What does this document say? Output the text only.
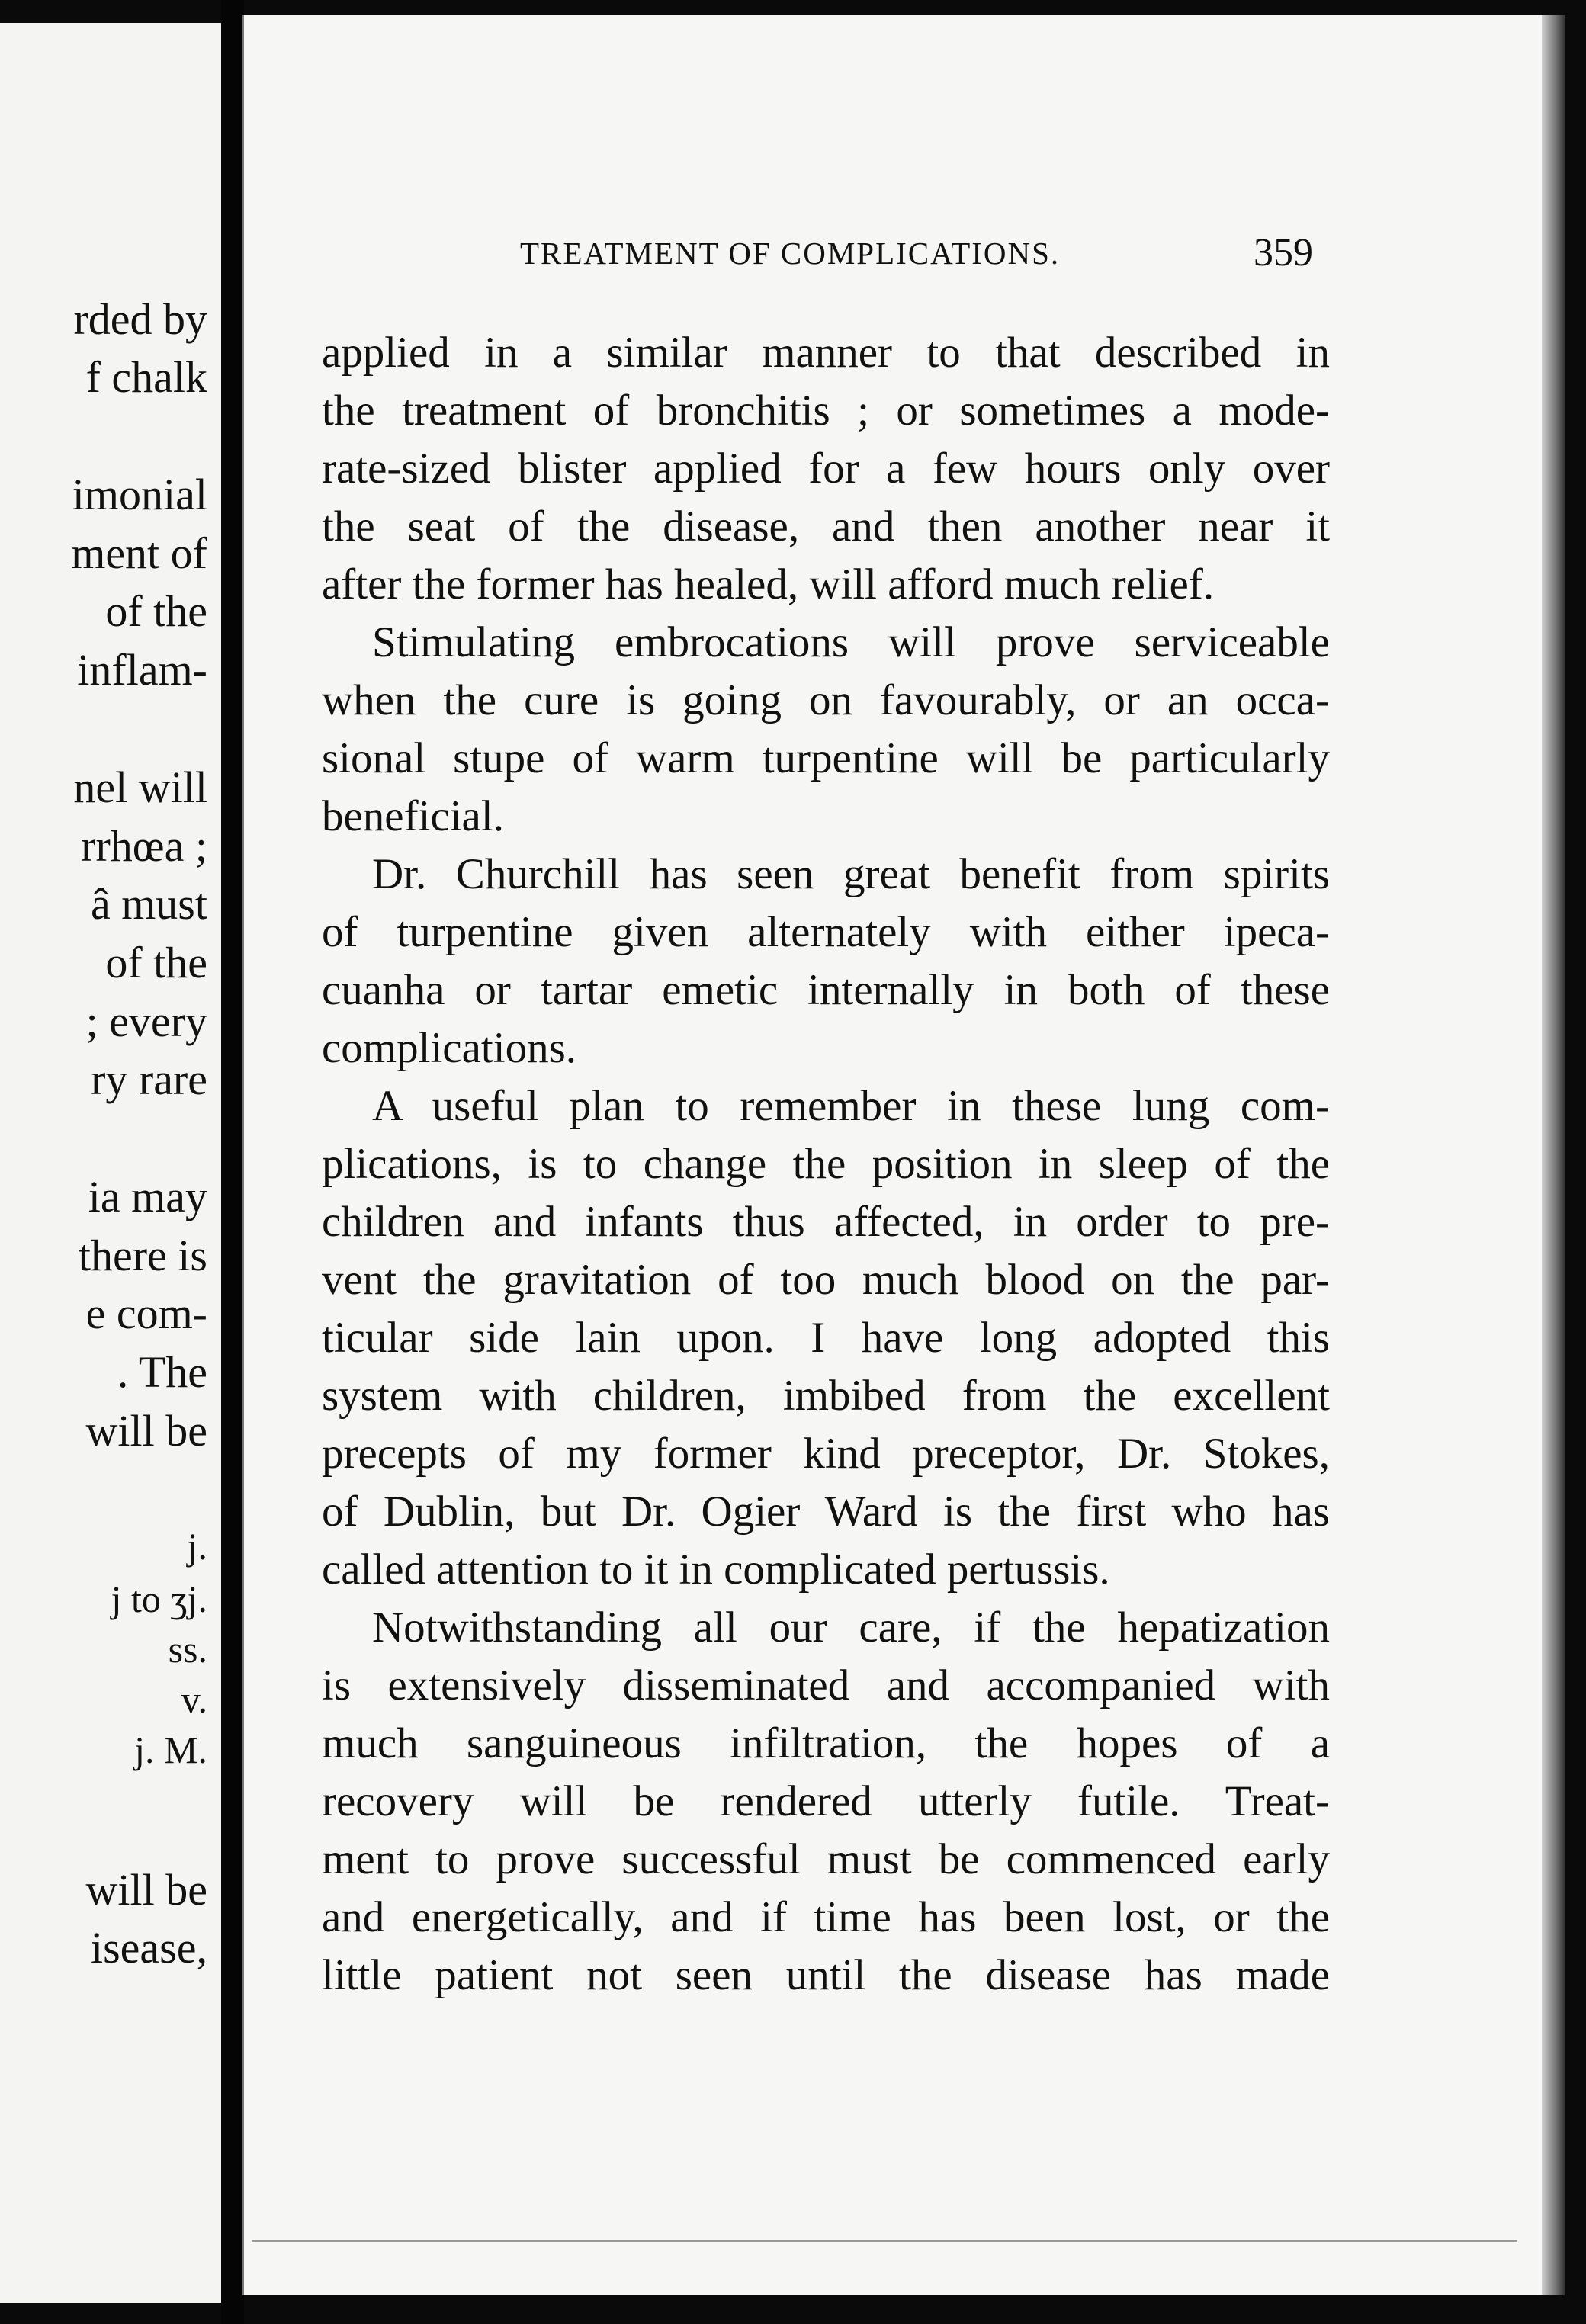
rded by
f chalk
imonial
ment of
of the
inflam-
nel will
rrhœa ;
â must
of the
; every
ry rare
ia may
there is
e com-
. The
will be
j.
j to ʒj.
ss.
v.
j. M.
will be
isease,
TREATMENT OF COMPLICATIONS.	359
applied in a similar manner to that described in
the treatment of bronchitis ; or sometimes a mode-
rate-sized blister applied for a few hours only over
the seat of the disease, and then another near it
after the former has healed, will afford much relief.
Stimulating embrocations will prove serviceable
when the cure is going on favourably, or an occa-
sional stupe of warm turpentine will be particularly
beneficial.
Dr. Churchill has seen great benefit from spirits
of turpentine given alternately with either ipeca-
cuanha or tartar emetic internally in both of these
complications.
A useful plan to remember in these lung com-
plications, is to change the position in sleep of the
children and infants thus affected, in order to pre-
vent the gravitation of too much blood on the par-
ticular side lain upon. I have long adopted this
system with children, imbibed from the excellent
precepts of my former kind preceptor, Dr. Stokes,
of Dublin, but Dr. Ogier Ward is the first who has
called attention to it in complicated pertussis.
Notwithstanding all our care, if the hepatization
is extensively disseminated and accompanied with
much sanguineous infiltration, the hopes of a
recovery will be rendered utterly futile. Treat-
ment to prove successful must be commenced early
and energetically, and if time has been lost, or the
little patient not seen until the disease has made
